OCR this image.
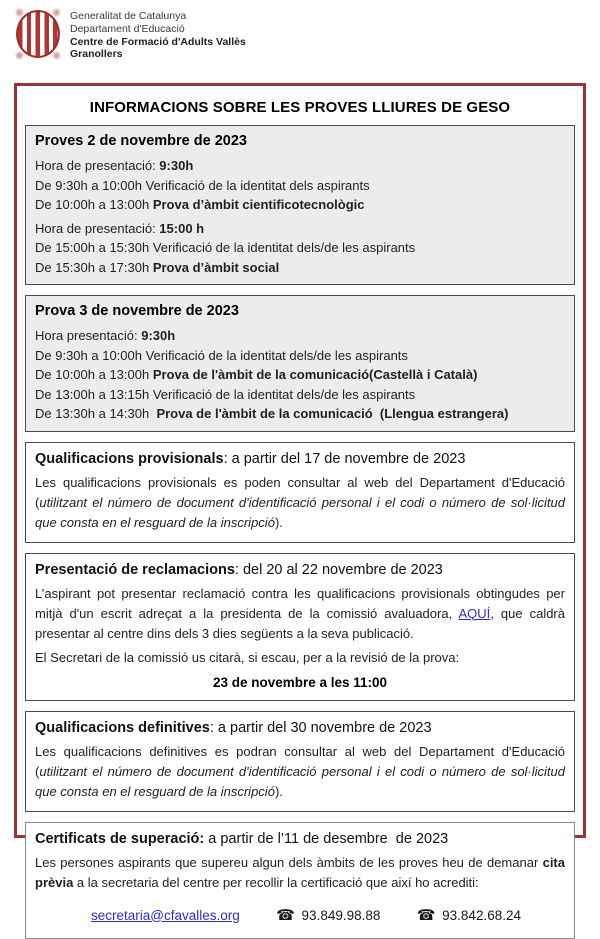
Generalitat de Catalunya
Departament d'Educació
Centre de Formació d'Adults Vallès
Granollers
INFORMACIONS SOBRE LES PROVES LLIURES DE GESO
Proves 2 de novembre de 2023
Hora de presentació: 9:30h
De 9:30h a 10:00h Verificació de la identitat dels aspirants
De 10:00h a 13:00h Prova d’àmbit cientificotecnològic
Hora de presentació: 15:00 h
De 15:00h a 15:30h Verificació de la identitat dels/de les aspirants
De 15:30h a 17:30h Prova d’àmbit social
Prova 3 de novembre de 2023
Hora presentació: 9:30h
De 9:30h a 10:00h Verificació de la identitat dels/de les aspirants
De 10:00h a 13:00h Prova de l'àmbit de la comunicació(Castellà i Català)
De 13:00h a 13:15h Verificació de la identitat dels/de les aspirants
De 13:30h a 14:30h  Prova de l'àmbit de la comunicació  (Llengua estrangera)
Qualificacions provisionals: a partir del 17 de novembre de 2023

Les qualificacions provisionals es poden consultar al web del Departament d'Educació (utilitzant el número de document d'identificació personal i el codi o número de sol·licitud que consta en el resguard de la inscripció).

Presentació de reclamacions: del 20 al 22 novembre de 2023

L’aspirant pot presentar reclamació contra les qualificacions provisionals obtingudes per mitjà d'un escrit adreçat a la presidenta de la comissió avaluadora, AQUÍ, que caldrà presentar al centre dins dels 3 dies següents a la seva publicació.

El Secretari de la comissió us citarà, si escau, per a la revisió de la prova:
23 de novembre a les 11:00
Qualificacions definitives: a partir del 30 novembre de 2023

Les qualificacions definitives es podran consultar al web del Departament d'Educació (utilitzant el número de document d'identificació personal i el codi o número de sol·licitud que consta en el resguard de la inscripció).

Certificats de superació: a partir de l’11 de desembre  de 2023

Les persones aspirants que supereu algun dels àmbits de les proves heu de demanar cita prèvia a la secretaria del centre per recollir la certificació que així ho acrediti:

secretaria@cfavalles.org ☎ 93.849.98.88 ☎ 93.842.68.24
